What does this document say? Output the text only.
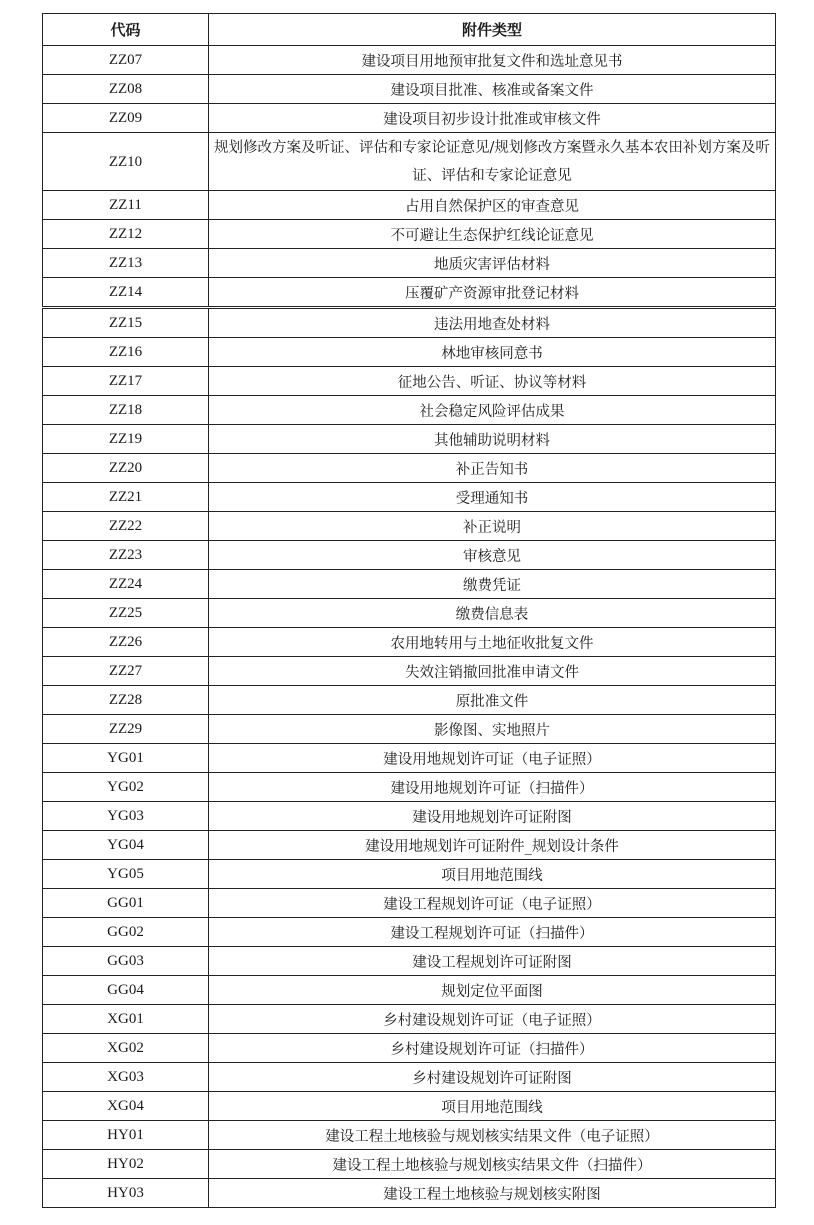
代码	附件类型
ZZ07	建设项目用地预审批复文件和选址意见书
ZZ08	建设项目批准、核准或备案文件
ZZ09	建设项目初步设计批准或审核文件
ZZ10	规划修改方案及听证、评估和专家论证意见/规划修改方案暨永久基本农田补划方案及听证、评估和专家论证意见
ZZ11	占用自然保护区的审查意见
ZZ12	不可避让生态保护红线论证意见
ZZ13	地质灾害评估材料
ZZ14	压覆矿产资源审批登记材料
ZZ15	违法用地查处材料
ZZ16	林地审核同意书
ZZ17	征地公告、听证、协议等材料
ZZ18	社会稳定风险评估成果
ZZ19	其他辅助说明材料
ZZ20	补正告知书
ZZ21	受理通知书
ZZ22	补正说明
ZZ23	审核意见
ZZ24	缴费凭证
ZZ25	缴费信息表
ZZ26	农用地转用与土地征收批复文件
ZZ27	失效注销撤回批准申请文件
ZZ28	原批准文件
ZZ29	影像图、实地照片
YG01	建设用地规划许可证（电子证照）
YG02	建设用地规划许可证（扫描件）
YG03	建设用地规划许可证附图
YG04	建设用地规划许可证附件_规划设计条件
YG05	项目用地范围线
GG01	建设工程规划许可证（电子证照）
GG02	建设工程规划许可证（扫描件）
GG03	建设工程规划许可证附图
GG04	规划定位平面图
XG01	乡村建设规划许可证（电子证照）
XG02	乡村建设规划许可证（扫描件）
XG03	乡村建设规划许可证附图
XG04	项目用地范围线
HY01	建设工程土地核验与规划核实结果文件（电子证照）
HY02	建设工程土地核验与规划核实结果文件（扫描件）
HY03	建设工程土地核验与规划核实附图
